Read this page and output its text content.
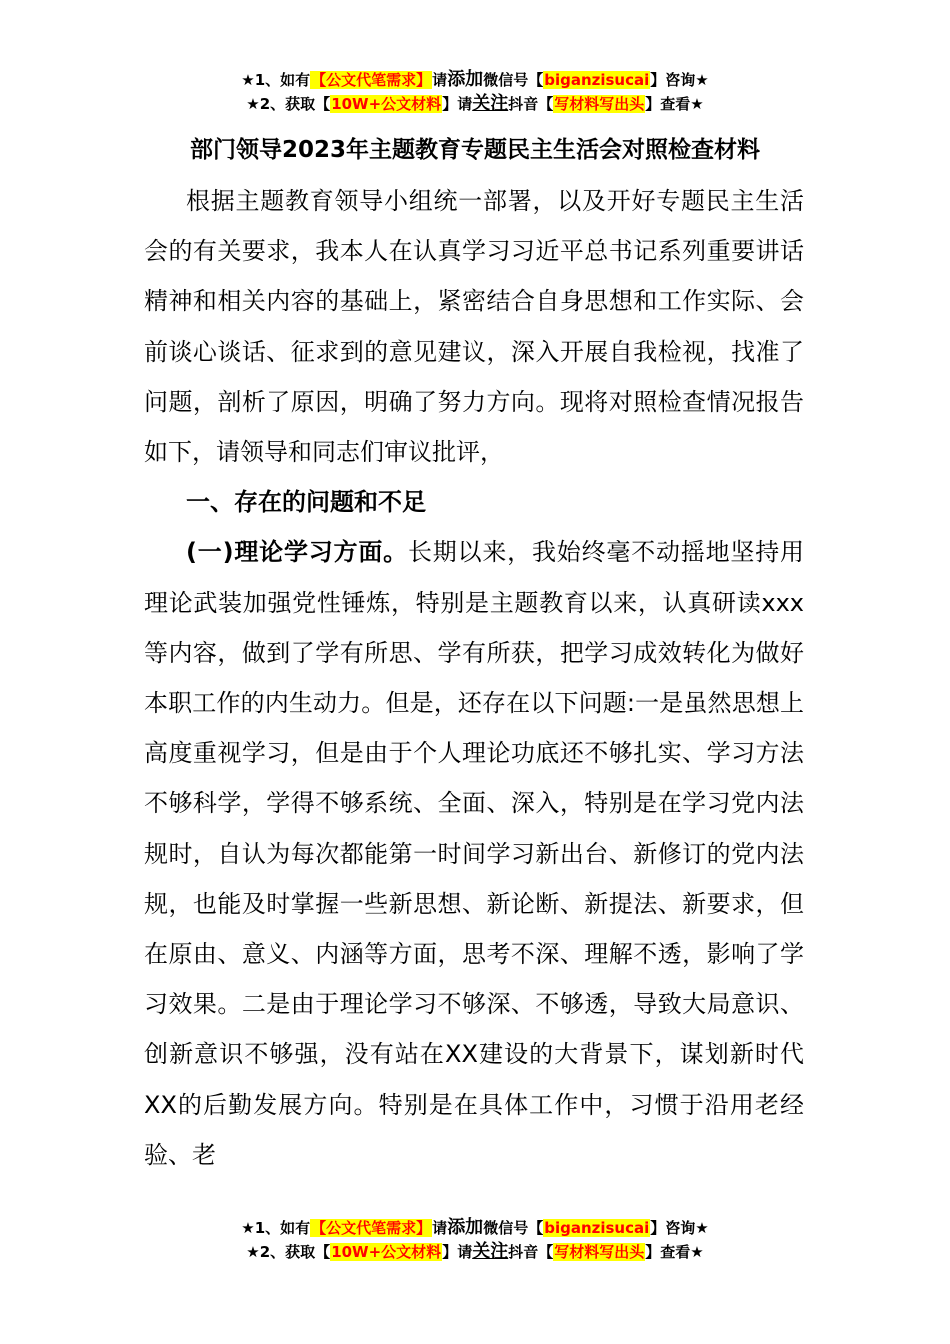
★1、如有【公文代笔需求】请添加微信号【biganzisucai】咨询★
★2、获取【10W+公文材料】请关注抖音【写材料写出头】查看★
部门领导2023年主题教育专题民主生活会对照检查材料

根据主题教育领导小组统一部署，以及开好专题民主生活会的有关要求，我本人在认真学习习近平总书记系列重要讲话精神和相关内容的基础上，紧密结合自身思想和工作实际、会前谈心谈话、征求到的意见建议，深入开展自我检视，找准了问题，剖析了原因，明确了努力方向。现将对照检查情况报告如下，请领导和同志们审议批评，

一、存在的问题和不足

(一)理论学习方面。长期以来，我始终毫不动摇地坚持用理论武装加强党性锤炼，特别是主题教育以来，认真研读xxx等内容，做到了学有所思、学有所获，把学习成效转化为做好本职工作的内生动力。但是，还存在以下问题:一是虽然思想上高度重视学习，但是由于个人理论功底还不够扎实、学习方法不够科学，学得不够系统、全面、深入，特别是在学习党内法规时，自认为每次都能第一时间学习新出台、新修订的党内法规，也能及时掌握一些新思想、新论断、新提法、新要求，但在原由、意义、内涵等方面，思考不深、理解不透，影响了学习效果。二是由于理论学习不够深、不够透，导致大局意识、创新意识不够强，没有站在XX建设的大背景下，谋划新时代XX的后勤发展方向。特别是在具体工作中，习惯于沿用老经验、老

★1、如有【公文代笔需求】请添加微信号【biganzisucai】咨询★
★2、获取【10W+公文材料】请关注抖音【写材料写出头】查看★
